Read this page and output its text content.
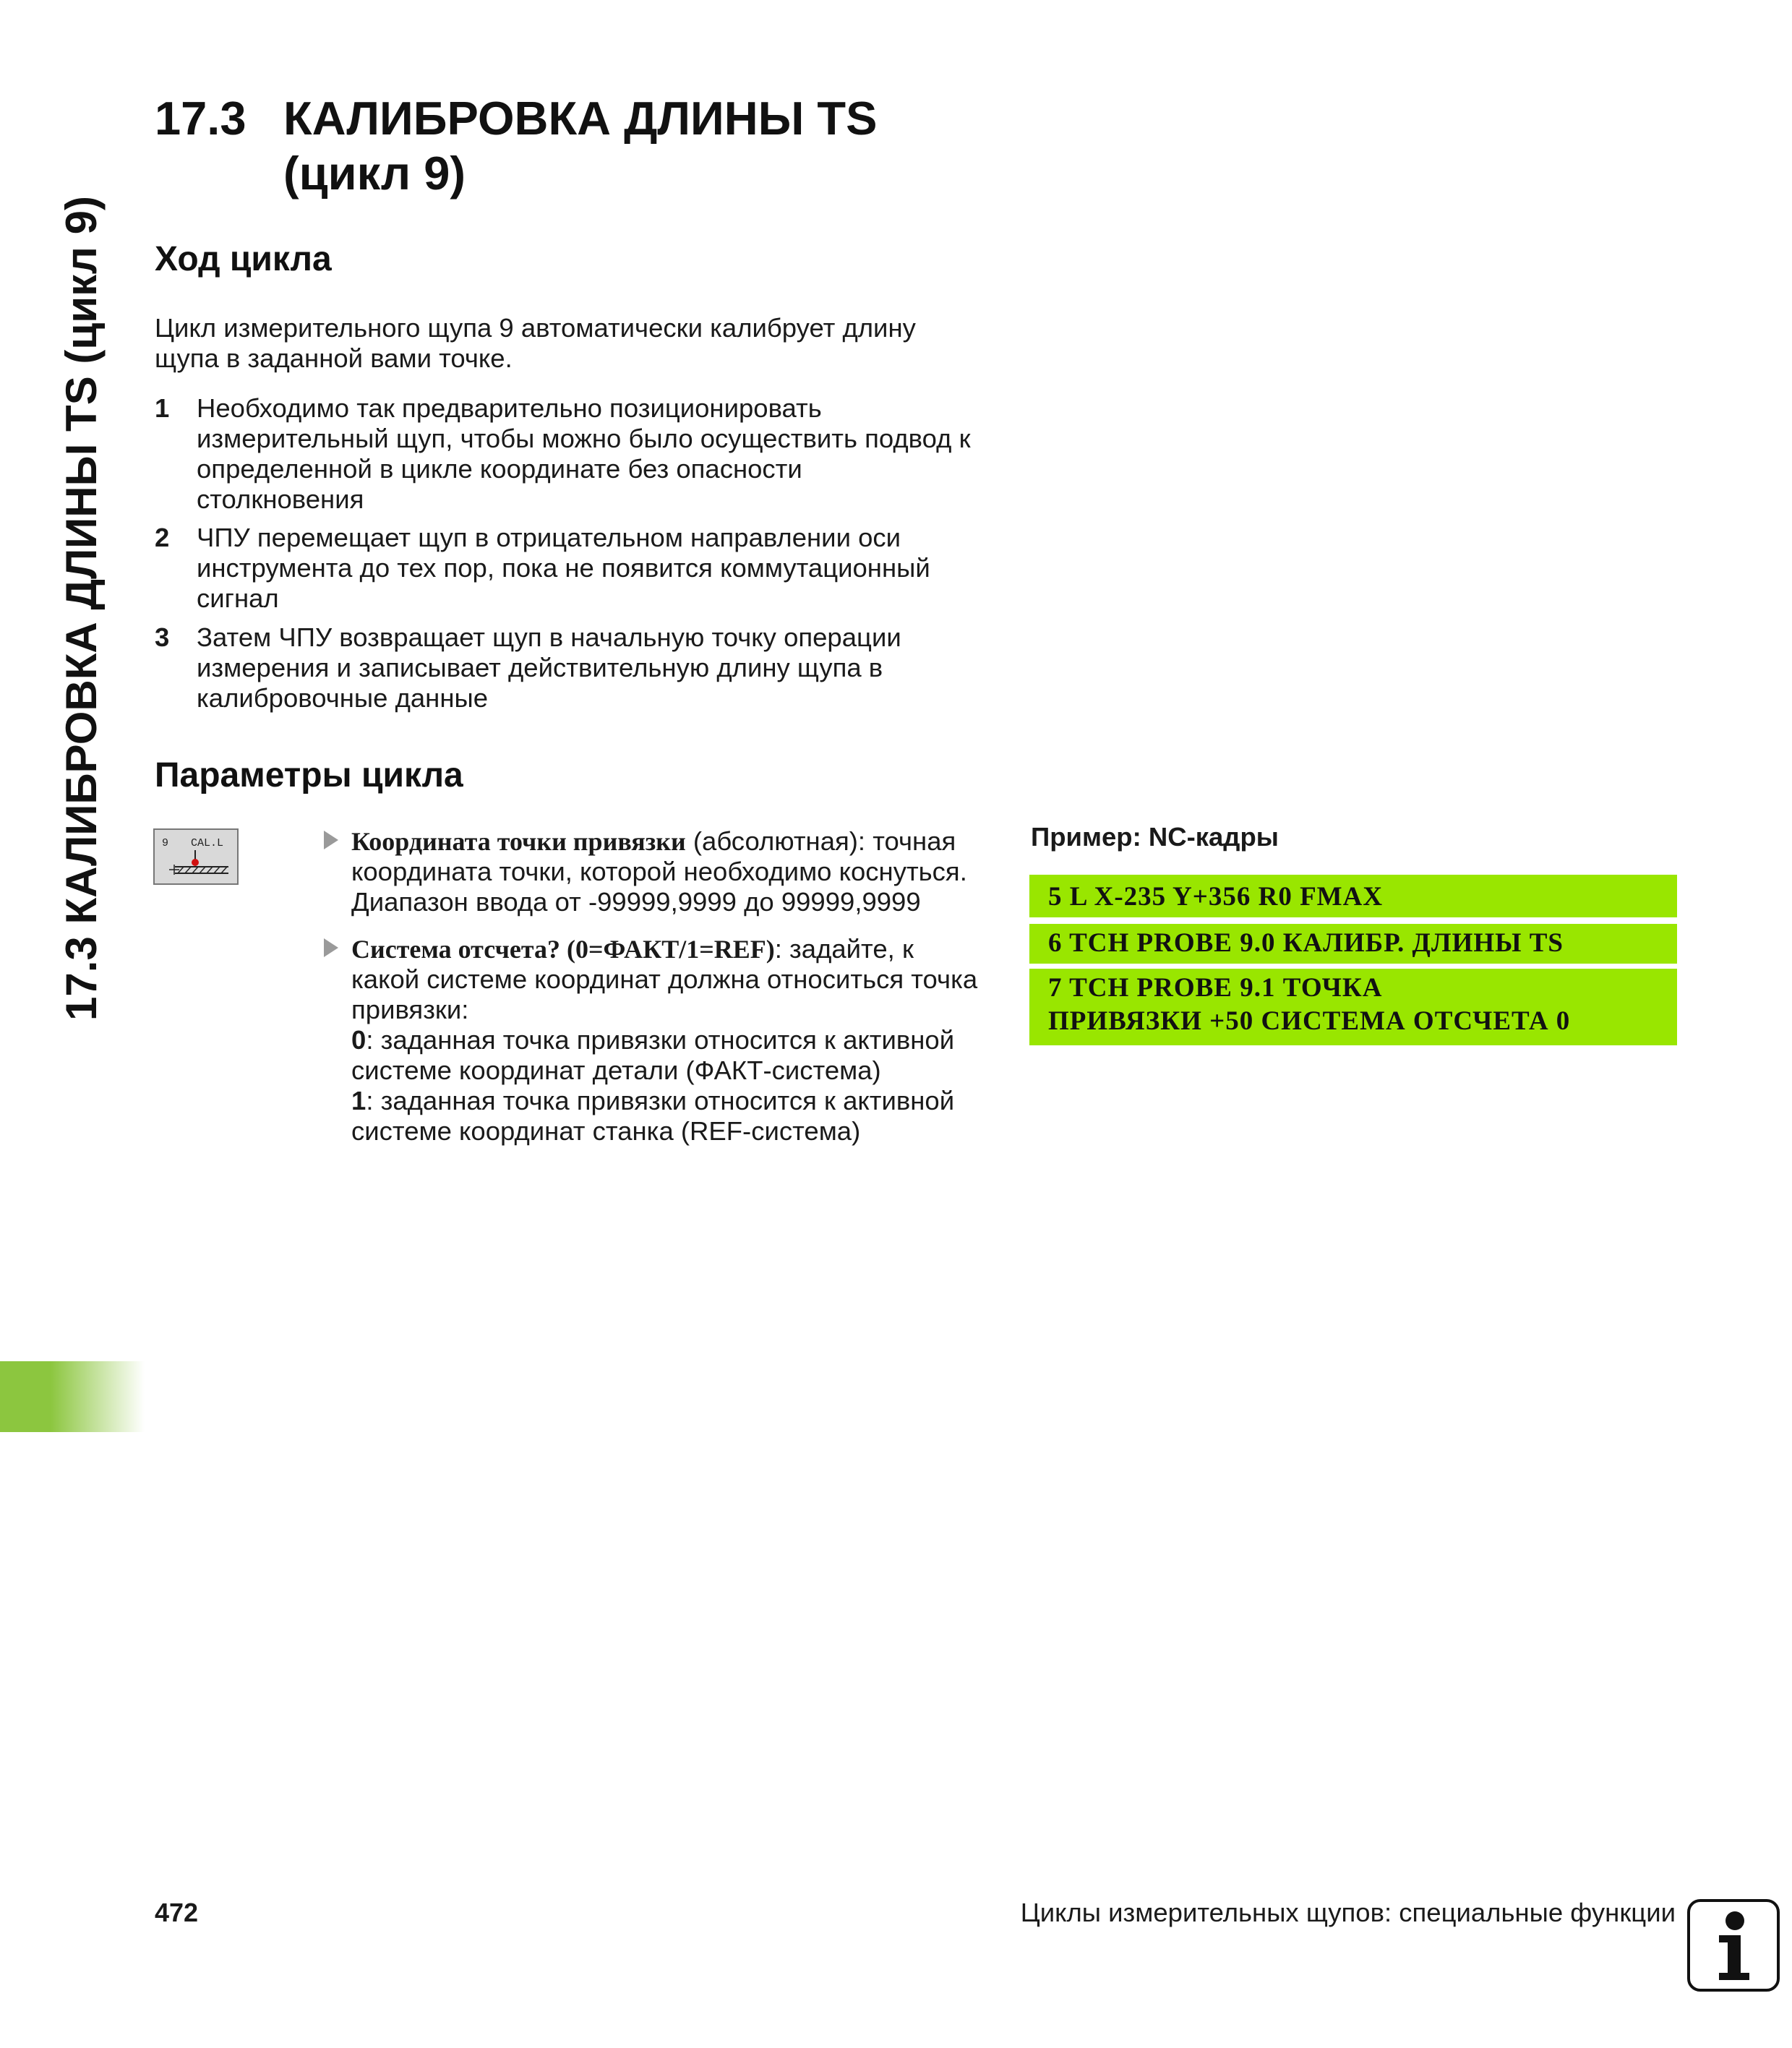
17.3 КАЛИБРОВКА ДЛИНЫ TS (цикл 9)
17.3 КАЛИБРОВКА ДЛИНЫ TS
(цикл 9)
Ход цикла
Цикл измерительного щупа 9 автоматически калибрует длину
щупа в заданной вами точке.
1 Необходимо так предварительно позиционировать
измерительный щуп, чтобы можно было осуществить подвод к
определенной в цикле координате без опасности
столкновения
2 ЧПУ перемещает щуп в отрицательном направлении оси
инструмента до тех пор, пока не появится коммутационный
сигнал
3 Затем ЧПУ возвращает щуп в начальную точку операции
измерения и записывает действительную длину щупа в
калибровочные данные
Параметры цикла
9 CAL.L	Координата точки привязки (абсолютная): точная
координата точки, которой необходимо коснуться.
Диапазон ввода от -99999,9999 до 99999,9999
Система отсчета? (0=ФАКТ/1=REF): задайте, к
какой системе координат должна относиться точка
привязки:
0: заданная точка привязки относится к активной
системе координат детали (ФАКТ-система)
1: заданная точка привязки относится к активной
системе координат станка (REF-система)
Пример: NC-кадры
5 L X-235 Y+356 R0 FMAX
6 TCH PROBE 9.0 КАЛИБР. ДЛИНЫ TS
7 TCH PROBE 9.1 ТОЧКА
ПРИВЯЗКИ +50 СИСТЕМА ОТСЧЕТА 0
472	Циклы измерительных щупов: специальные функции
